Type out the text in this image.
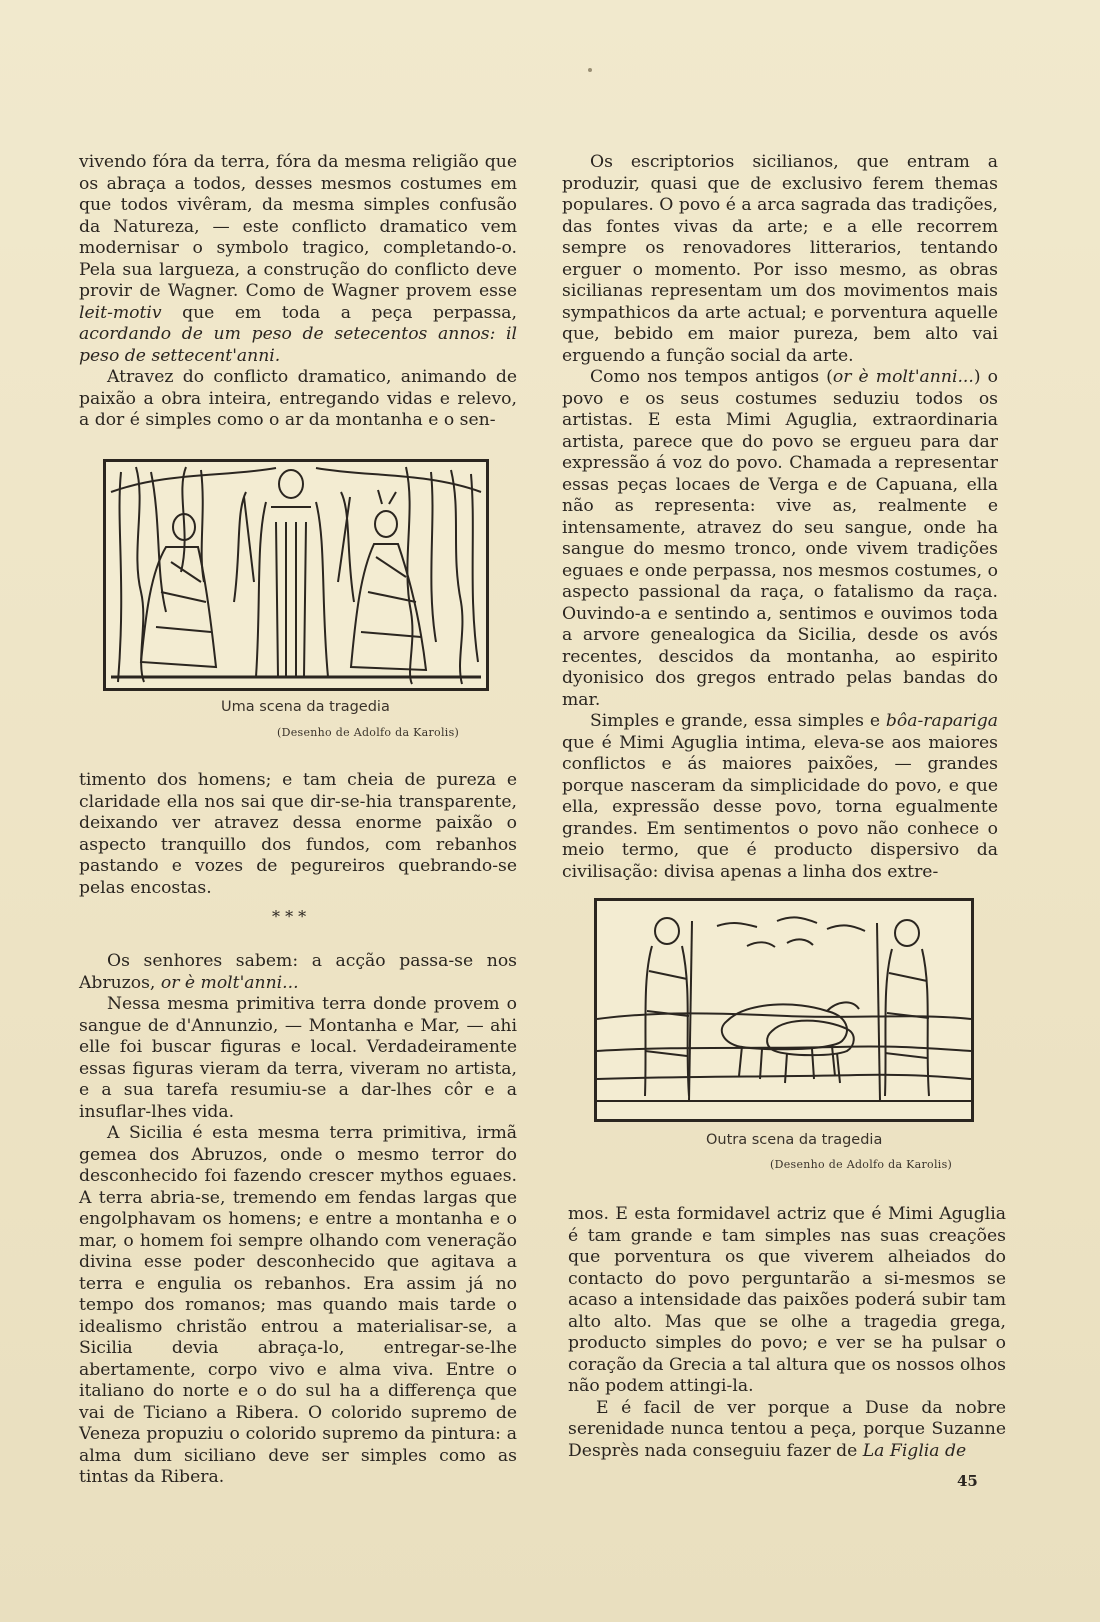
vivendo fóra da terra, fóra da mesma religião que os abraça a todos, desses mesmos costumes em que todos vivêram, da mesma simples confusão da Natureza, — este conflicto dramatico vem modernisar o symbolo tragico, completando-o. Pela sua largueza, a construção do conflicto deve provir de Wagner. Como de Wagner provem esse leit-motiv que em toda a peça perpassa, acordando de um peso de setecentos annos: il peso de settecent'anni.

Atravez do conflicto dramatico, animando de paixão a obra inteira, entregando vidas e relevo, a dor é simples como o ar da montanha e o sen-

Uma scena da tragedia
(Desenho de Adolfo da Karolis)

timento dos homens; e tam cheia de pureza e claridade ella nos sai que dir-se-hia transparente, deixando ver atravez dessa enorme paixão o aspecto tranquillo dos fundos, com rebanhos pastando e vozes de pegureiros quebrando-se pelas encostas.

* * *

Os senhores sabem: a acção passa-se nos Abruzos, or è molt'anni...

Nessa mesma primitiva terra donde provem o sangue de d'Annunzio, — Montanha e Mar, — ahi elle foi buscar figuras e local. Verdadeiramente essas figuras vieram da terra, viveram no artista, e a sua tarefa resumiu-se a dar-lhes côr e a insuflar-lhes vida.

A Sicilia é esta mesma terra primitiva, irmã gemea dos Abruzos, onde o mesmo terror do desconhecido foi fazendo crescer mythos eguaes. A terra abria-se, tremendo em fendas largas que engolphavam os homens; e entre a montanha e o mar, o homem foi sempre olhando com veneração divina esse poder desconhecido que agitava a terra e engulia os rebanhos. Era assim já no tempo dos romanos; mas quando mais tarde o idealismo christão entrou a materialisar-se, a Sicilia devia abraça-lo, entregar-se-lhe abertamente, corpo vivo e alma viva. Entre o italiano do norte e o do sul ha a differença que vai de Ticiano a Ribera. O colorido supremo de Veneza propuziu o colorido supremo da pintura: a alma dum siciliano deve ser simples como as tintas da Ribera.

Os escriptorios sicilianos, que entram a produzir, quasi que de exclusivo ferem themas populares. O povo é a arca sagrada das tradições, das fontes vivas da arte; e a elle recorrem sempre os renovadores litterarios, tentando erguer o momento. Por isso mesmo, as obras sicilianas representam um dos movimentos mais sympathicos da arte actual; e porventura aquelle que, bebido em maior pureza, bem alto vai erguendo a função social da arte.

Como nos tempos antigos (or è molt'anni...) o povo e os seus costumes seduziu todos os artistas. E esta Mimi Aguglia, extraordinaria artista, parece que do povo se ergueu para dar expressão á voz do povo. Chamada a representar essas peças locaes de Verga e de Capuana, ella não as representa: vive as, realmente e intensamente, atravez do seu sangue, onde ha sangue do mesmo tronco, onde vivem tradições eguaes e onde perpassa, nos mesmos costumes, o aspecto passional da raça, o fatalismo da raça. Ouvindo-a e sentindo a, sentimos e ouvimos toda a arvore genealogica da Sicilia, desde os avós recentes, descidos da montanha, ao espirito dyonisico dos gregos entrado pelas bandas do mar.

Simples e grande, essa simples e bôa-rapariga que é Mimi Aguglia intima, eleva-se aos maiores conflictos e ás maiores paixões, — grandes porque nasceram da simplicidade do povo, e que ella, expressão desse povo, torna egualmente grandes. Em sentimentos o povo não conhece o meio termo, que é producto dispersivo da civilisação: divisa apenas a linha dos extre-

Outra scena da tragedia
(Desenho de Adolfo da Karolis)

mos. E esta formidavel actriz que é Mimi Aguglia é tam grande e tam simples nas suas creações que porventura os que viverem alheiados do contacto do povo perguntarão a si-mesmos se acaso a intensidade das paixões poderá subir tam alto alto. Mas que se olhe a tragedia grega, producto simples do povo; e ver se ha pulsar o coração da Grecia a tal altura que os nossos olhos não podem attingi-la.

E é facil de ver porque a Duse da nobre serenidade nunca tentou a peça, porque Suzanne Desprès nada conseguiu fazer de La Figlia de

45
